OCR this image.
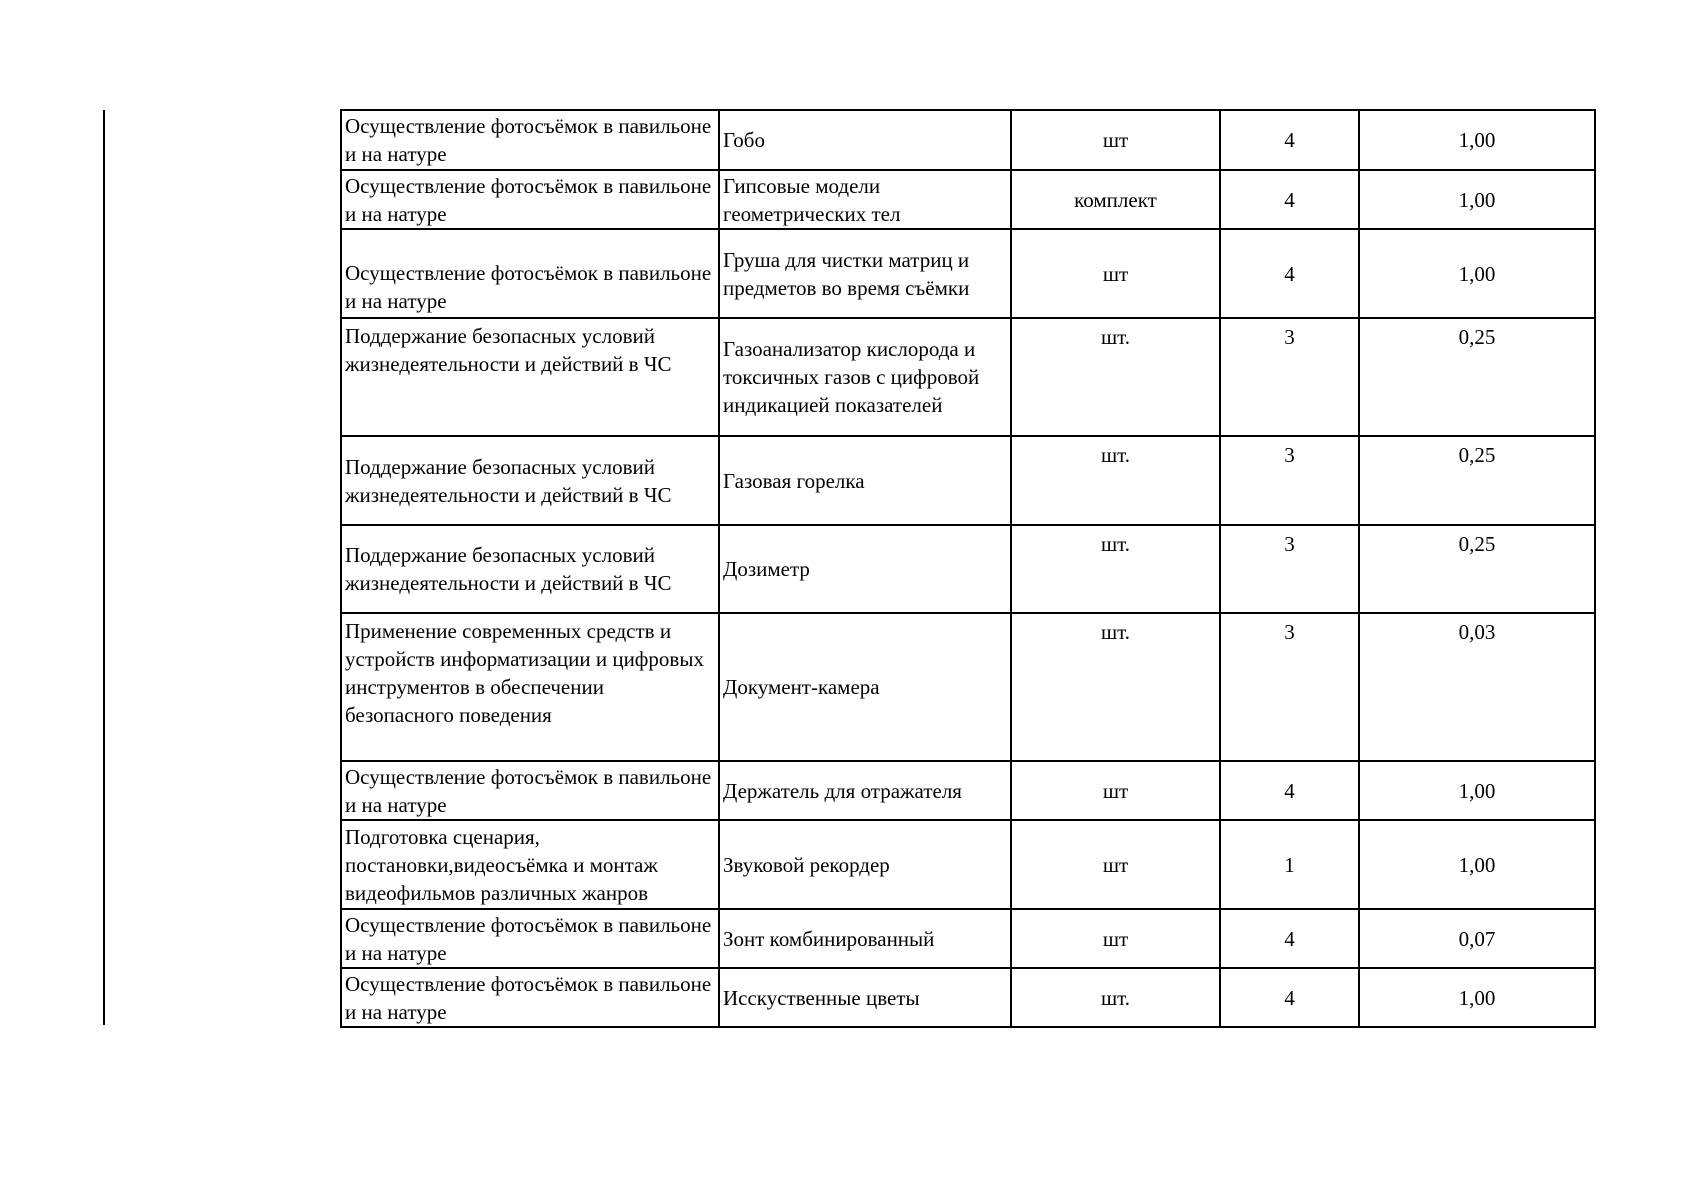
Осуществление фотосъёмок в павильоне и на натуре	Гобо	шт	4	1,00
Осуществление фотосъёмок в павильоне и на натуре	Гипсовые модели геометрических тел	комплект	4	1,00
Осуществление фотосъёмок в павильоне и на натуре	Груша для чистки матриц и предметов во время съёмки	шт	4	1,00
Поддержание безопасных условий жизнедеятельности и действий в ЧС	Газоанализатор кислорода и токсичных газов с цифровой индикацией показателей	шт.	3	0,25
Поддержание безопасных условий жизнедеятельности и действий в ЧС	Газовая горелка	шт.	3	0,25
Поддержание безопасных условий жизнедеятельности и действий в ЧС	Дозиметр	шт.	3	0,25
Применение современных средств и устройств информатизации и цифровых инструментов в обеспечении безопасного поведения	Документ-камера	шт.	3	0,03
Осуществление фотосъёмок в павильоне и на натуре	Держатель для отражателя	шт	4	1,00
Подготовка сценария, постановки,видеосъёмка и монтаж видеофильмов различных жанров	Звуковой рекордер	шт	1	1,00
Осуществление фотосъёмок в павильоне и на натуре	Зонт комбинированный	шт	4	0,07
Осуществление фотосъёмок в павильоне и на натуре	Исскуственные цветы	шт.	4	1,00
